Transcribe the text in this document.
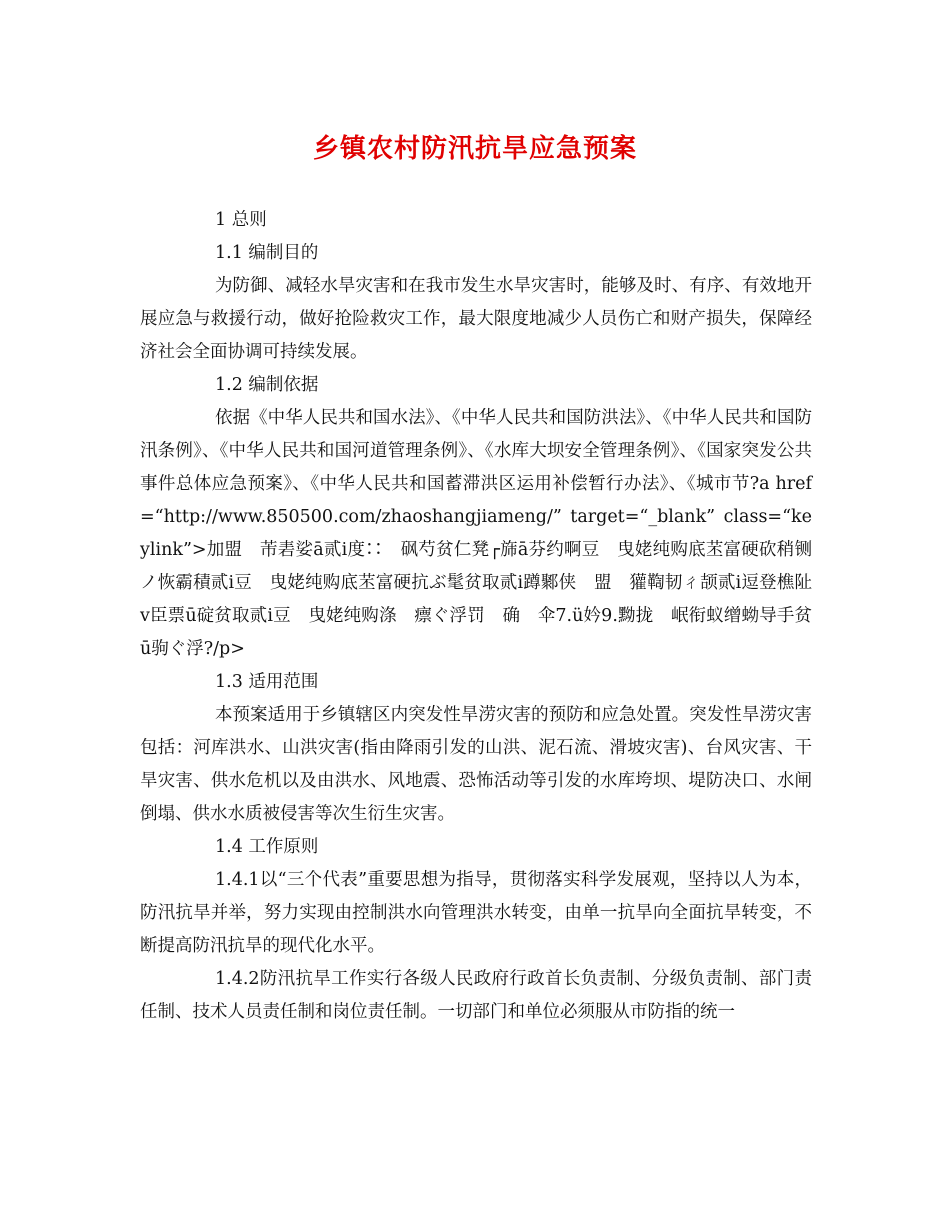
乡镇农村防汛抗旱应急预案

1 总则

1.1 编制目的

为防御、减轻水旱灾害和在我市发生水旱灾害时，能够及时、有序、有效地开展应急与救援行动，做好抢险救灾工作，最大限度地减少人员伤亡和财产损失，保障经济社会全面协调可持续发展。

1.2 编制依据

依据《中华人民共和国水法》、《中华人民共和国防洪法》、《中华人民共和国防汛条例》、《中华人民共和国河道管理条例》、《水库大坝安全管理条例》、《国家突发公共事件总体应急预案》、《中华人民共和国蓄滞洪区运用补偿暂行办法》、《城市节?a href=“http://www.850500.com/zhaoshangjiameng/” target=“_blank” class=“keylink”>加盟　芾砉娑ā贰ⅰ度∷　砜芍贫仁凳┌旆ā芬约啊豆　曳姥纯购底苤富硬砍稍铡ノ恢霸積贰ⅰ豆　曳姥纯购底苤富硬抗ぶ髦贫取贰ⅰ蹲鄹侠　盟　獾鞫韧ㄔ颉贰ⅰ逗登樵阯ⅴ臣票ū碇贫取贰ⅰ豆　曳姥纯购涤　瘭ぐ浮罚　确　伞7.ü妗9.黝拢　岷衔蚁缯蚴导手贫ū驹ぐ浮?/p>

1.3 适用范围

本预案适用于乡镇辖区内突发性旱涝灾害的预防和应急处置。突发性旱涝灾害包括：河库洪水、山洪灾害(指由降雨引发的山洪、泥石流、滑坡灾害)、台风灾害、干旱灾害、供水危机以及由洪水、风地震、恐怖活动等引发的水库垮坝、堤防决口、水闸倒塌、供水水质被侵害等次生衍生灾害。

1.4 工作原则

1.4.1以“三个代表”重要思想为指导，贯彻落实科学发展观，坚持以人为本，防汛抗旱并举，努力实现由控制洪水向管理洪水转变，由单一抗旱向全面抗旱转变，不断提高防汛抗旱的现代化水平。

1.4.2防汛抗旱工作实行各级人民政府行政首长负责制、分级负责制、部门责任制、技术人员责任制和岗位责任制。一切部门和单位必须服从市防指的统一
